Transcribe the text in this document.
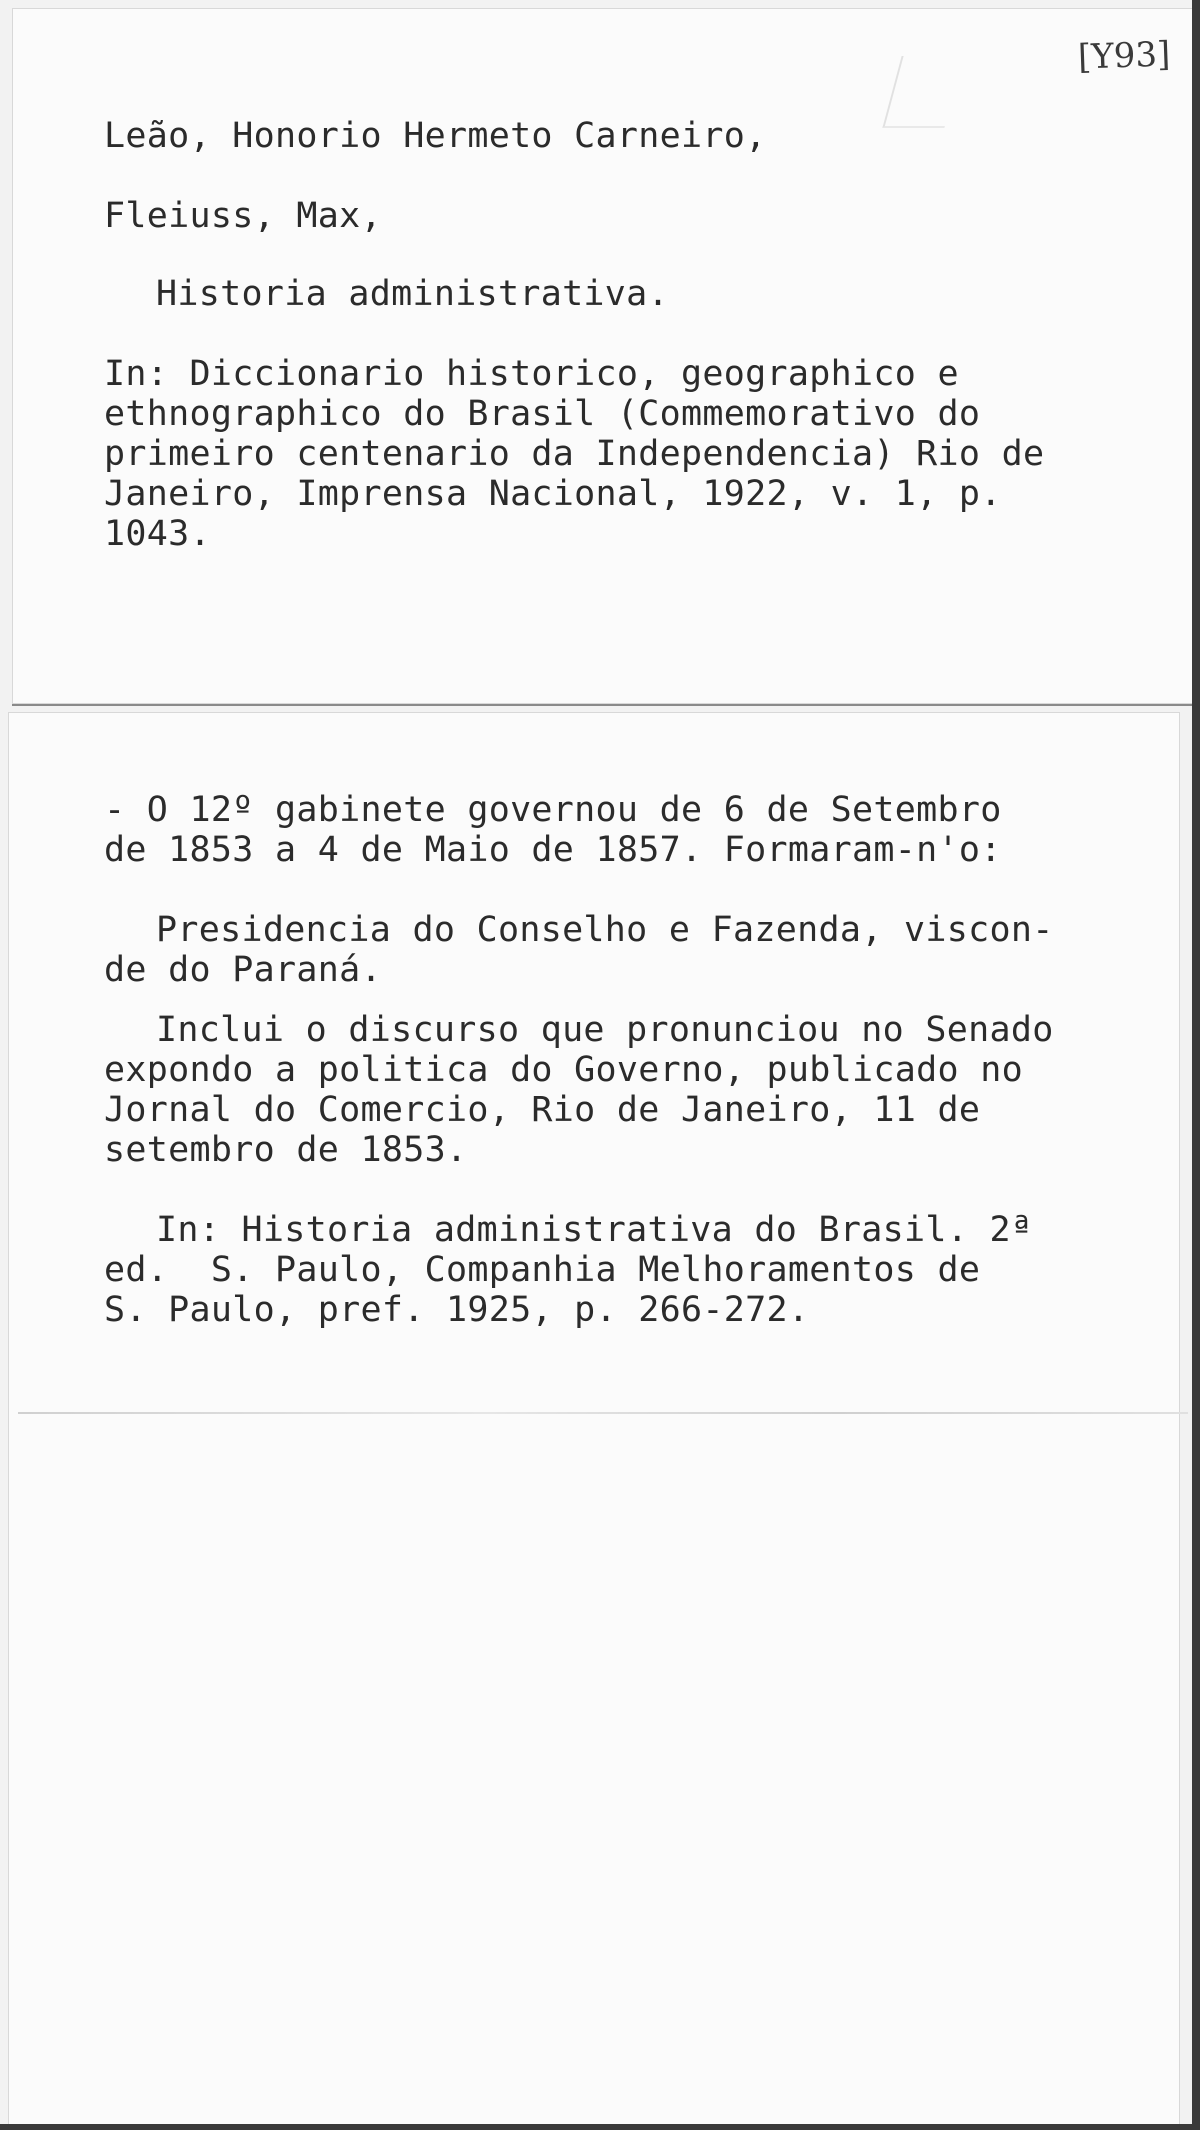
[Y93]
Leão, Honorio Hermeto Carneiro,
Fleiuss, Max,
Historia administrativa.
In: Diccionario historico, geographico e
ethnographico do Brasil (Commemorativo do
primeiro centenario da Independencia) Rio de
Janeiro, Imprensa Nacional, 1922, v. 1, p.
1043.
- O 12º gabinete governou de 6 de Setembro
de 1853 a 4 de Maio de 1857. Formaram-n'o:
Presidencia do Conselho e Fazenda, viscon-
de do Paraná.
Inclui o discurso que pronunciou no Senado
expondo a politica do Governo, publicado no
Jornal do Comercio, Rio de Janeiro, 11 de
setembro de 1853.
In: Historia administrativa do Brasil. 2ª
ed.  S. Paulo, Companhia Melhoramentos de
S. Paulo, pref. 1925, p. 266-272.
